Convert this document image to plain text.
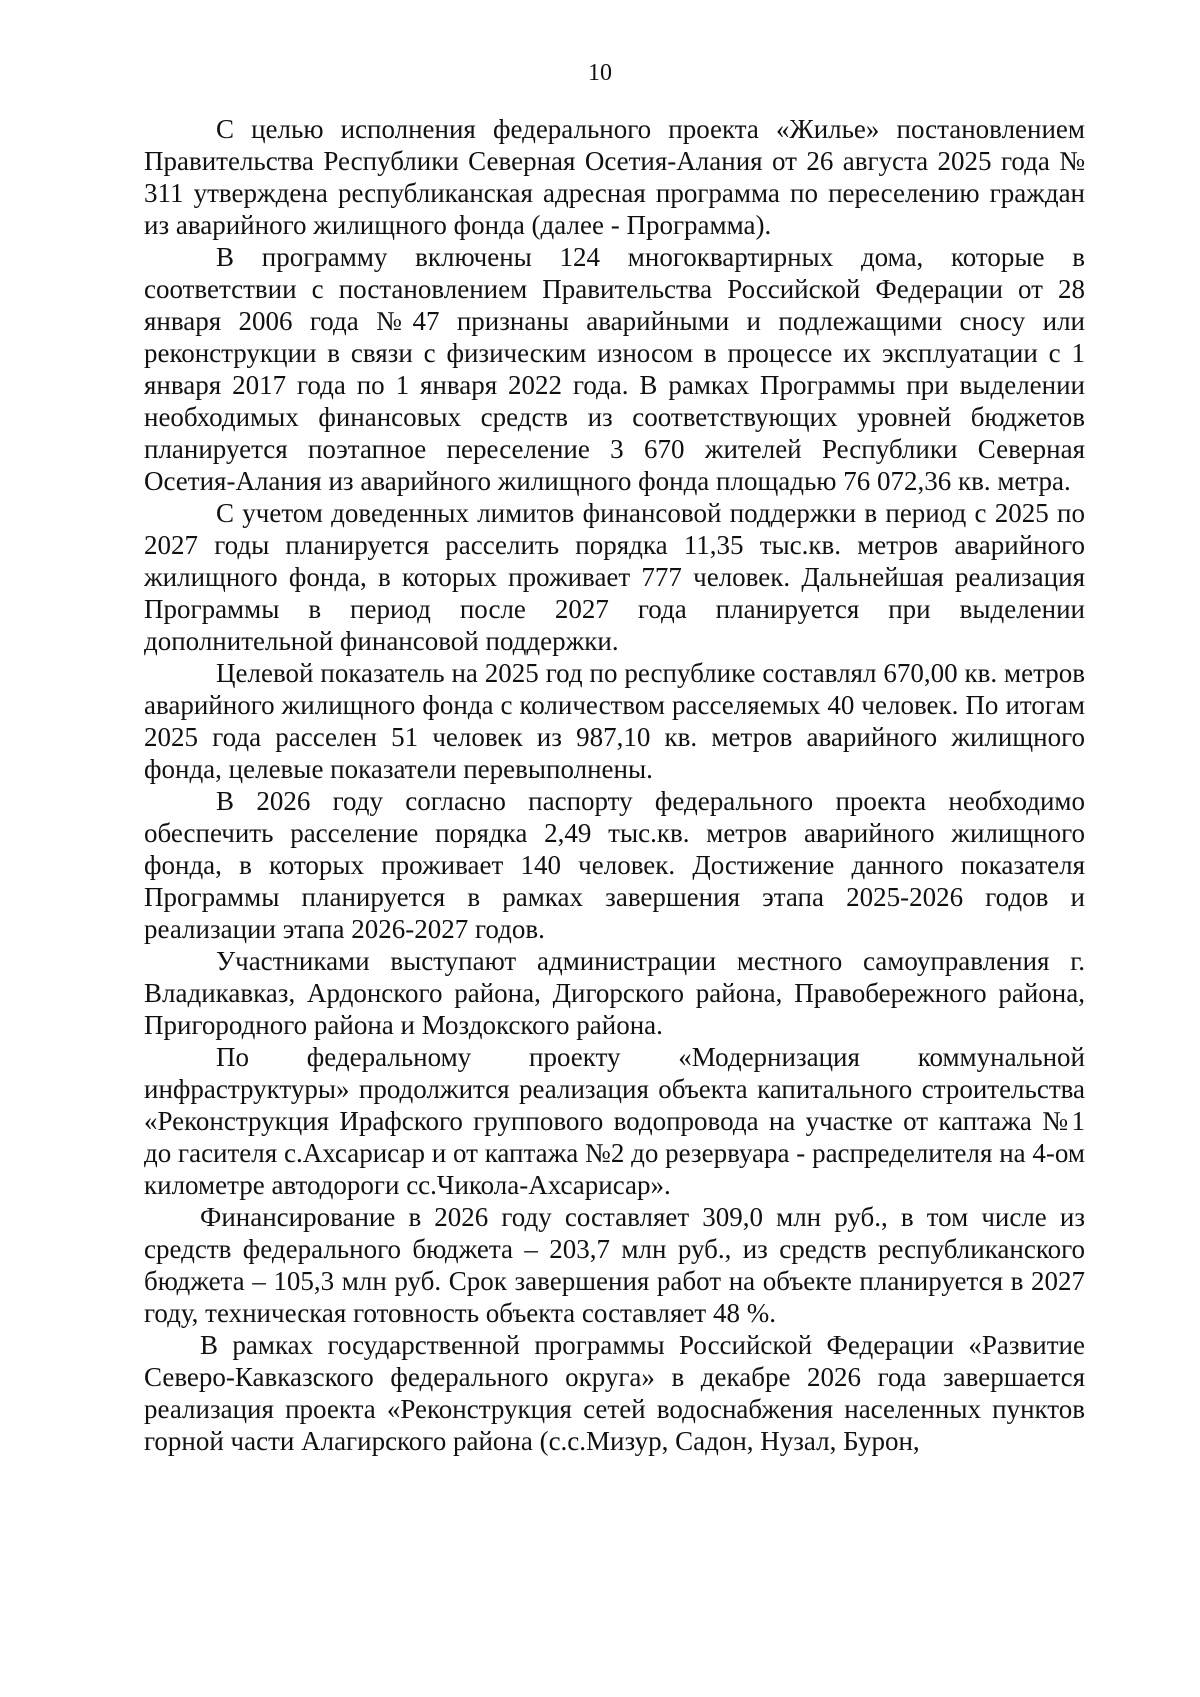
10

С целью исполнения федерального проекта «Жилье» постановлением Правительства Республики Северная Осетия-Алания от 26 августа 2025 года № 311 утверждена республиканская адресная программа по переселению граждан из аварийного жилищного фонда (далее - Программа).

В программу включены 124 многоквартирных дома, которые в соответствии с постановлением Правительства Российской Федерации от 28 января 2006 года №47 признаны аварийными и подлежащими сносу или реконструкции в связи с физическим износом в процессе их эксплуатации с 1 января 2017 года по 1 января 2022 года. В рамках Программы при выделении необходимых финансовых средств из соответствующих уровней бюджетов планируется поэтапное переселение 3 670 жителей Республики Северная Осетия-Алания из аварийного жилищного фонда площадью 76 072,36 кв. метра.

С учетом доведенных лимитов финансовой поддержки в период с 2025 по 2027 годы планируется расселить порядка 11,35 тыс.кв. метров аварийного жилищного фонда, в которых проживает 777 человек. Дальнейшая реализация Программы в период после 2027 года планируется при выделении дополнительной финансовой поддержки.

Целевой показатель на 2025 год по республике составлял 670,00 кв. метров аварийного жилищного фонда с количеством расселяемых 40 человек. По итогам 2025 года расселен 51 человек из 987,10 кв. метров аварийного жилищного фонда, целевые показатели перевыполнены.

В 2026 году согласно паспорту федерального проекта необходимо обеспечить расселение порядка 2,49 тыс.кв. метров аварийного жилищного фонда, в которых проживает 140 человек. Достижение данного показателя Программы планируется в рамках завершения этапа 2025-2026 годов и реализации этапа 2026-2027 годов.

Участниками выступают администрации местного самоуправления г. Владикавказ, Ардонского района, Дигорского района, Правобережного района, Пригородного района и Моздокского района.

По федеральному проекту «Модернизация коммунальной инфраструктуры» продолжится реализация объекта капитального строительства «Реконструкция Ирафского группового водопровода на участке от каптажа №1 до гасителя с.Ахсарисар и от каптажа №2 до резервуара - распределителя на 4-ом километре автодороги сс.Чикола-Ахсарисар».

Финансирование в 2026 году составляет 309,0 млн руб., в том числе из средств федерального бюджета – 203,7 млн руб., из средств республиканского бюджета – 105,3 млн руб. Срок завершения работ на объекте планируется в 2027 году, техническая готовность объекта составляет 48 %.

В рамках государственной программы Российской Федерации «Развитие Северо-Кавказского федерального округа» в декабре 2026 года завершается реализация проекта «Реконструкция сетей водоснабжения населенных пунктов горной части Алагирского района (с.с.Мизур, Садон, Нузал, Бурон,
